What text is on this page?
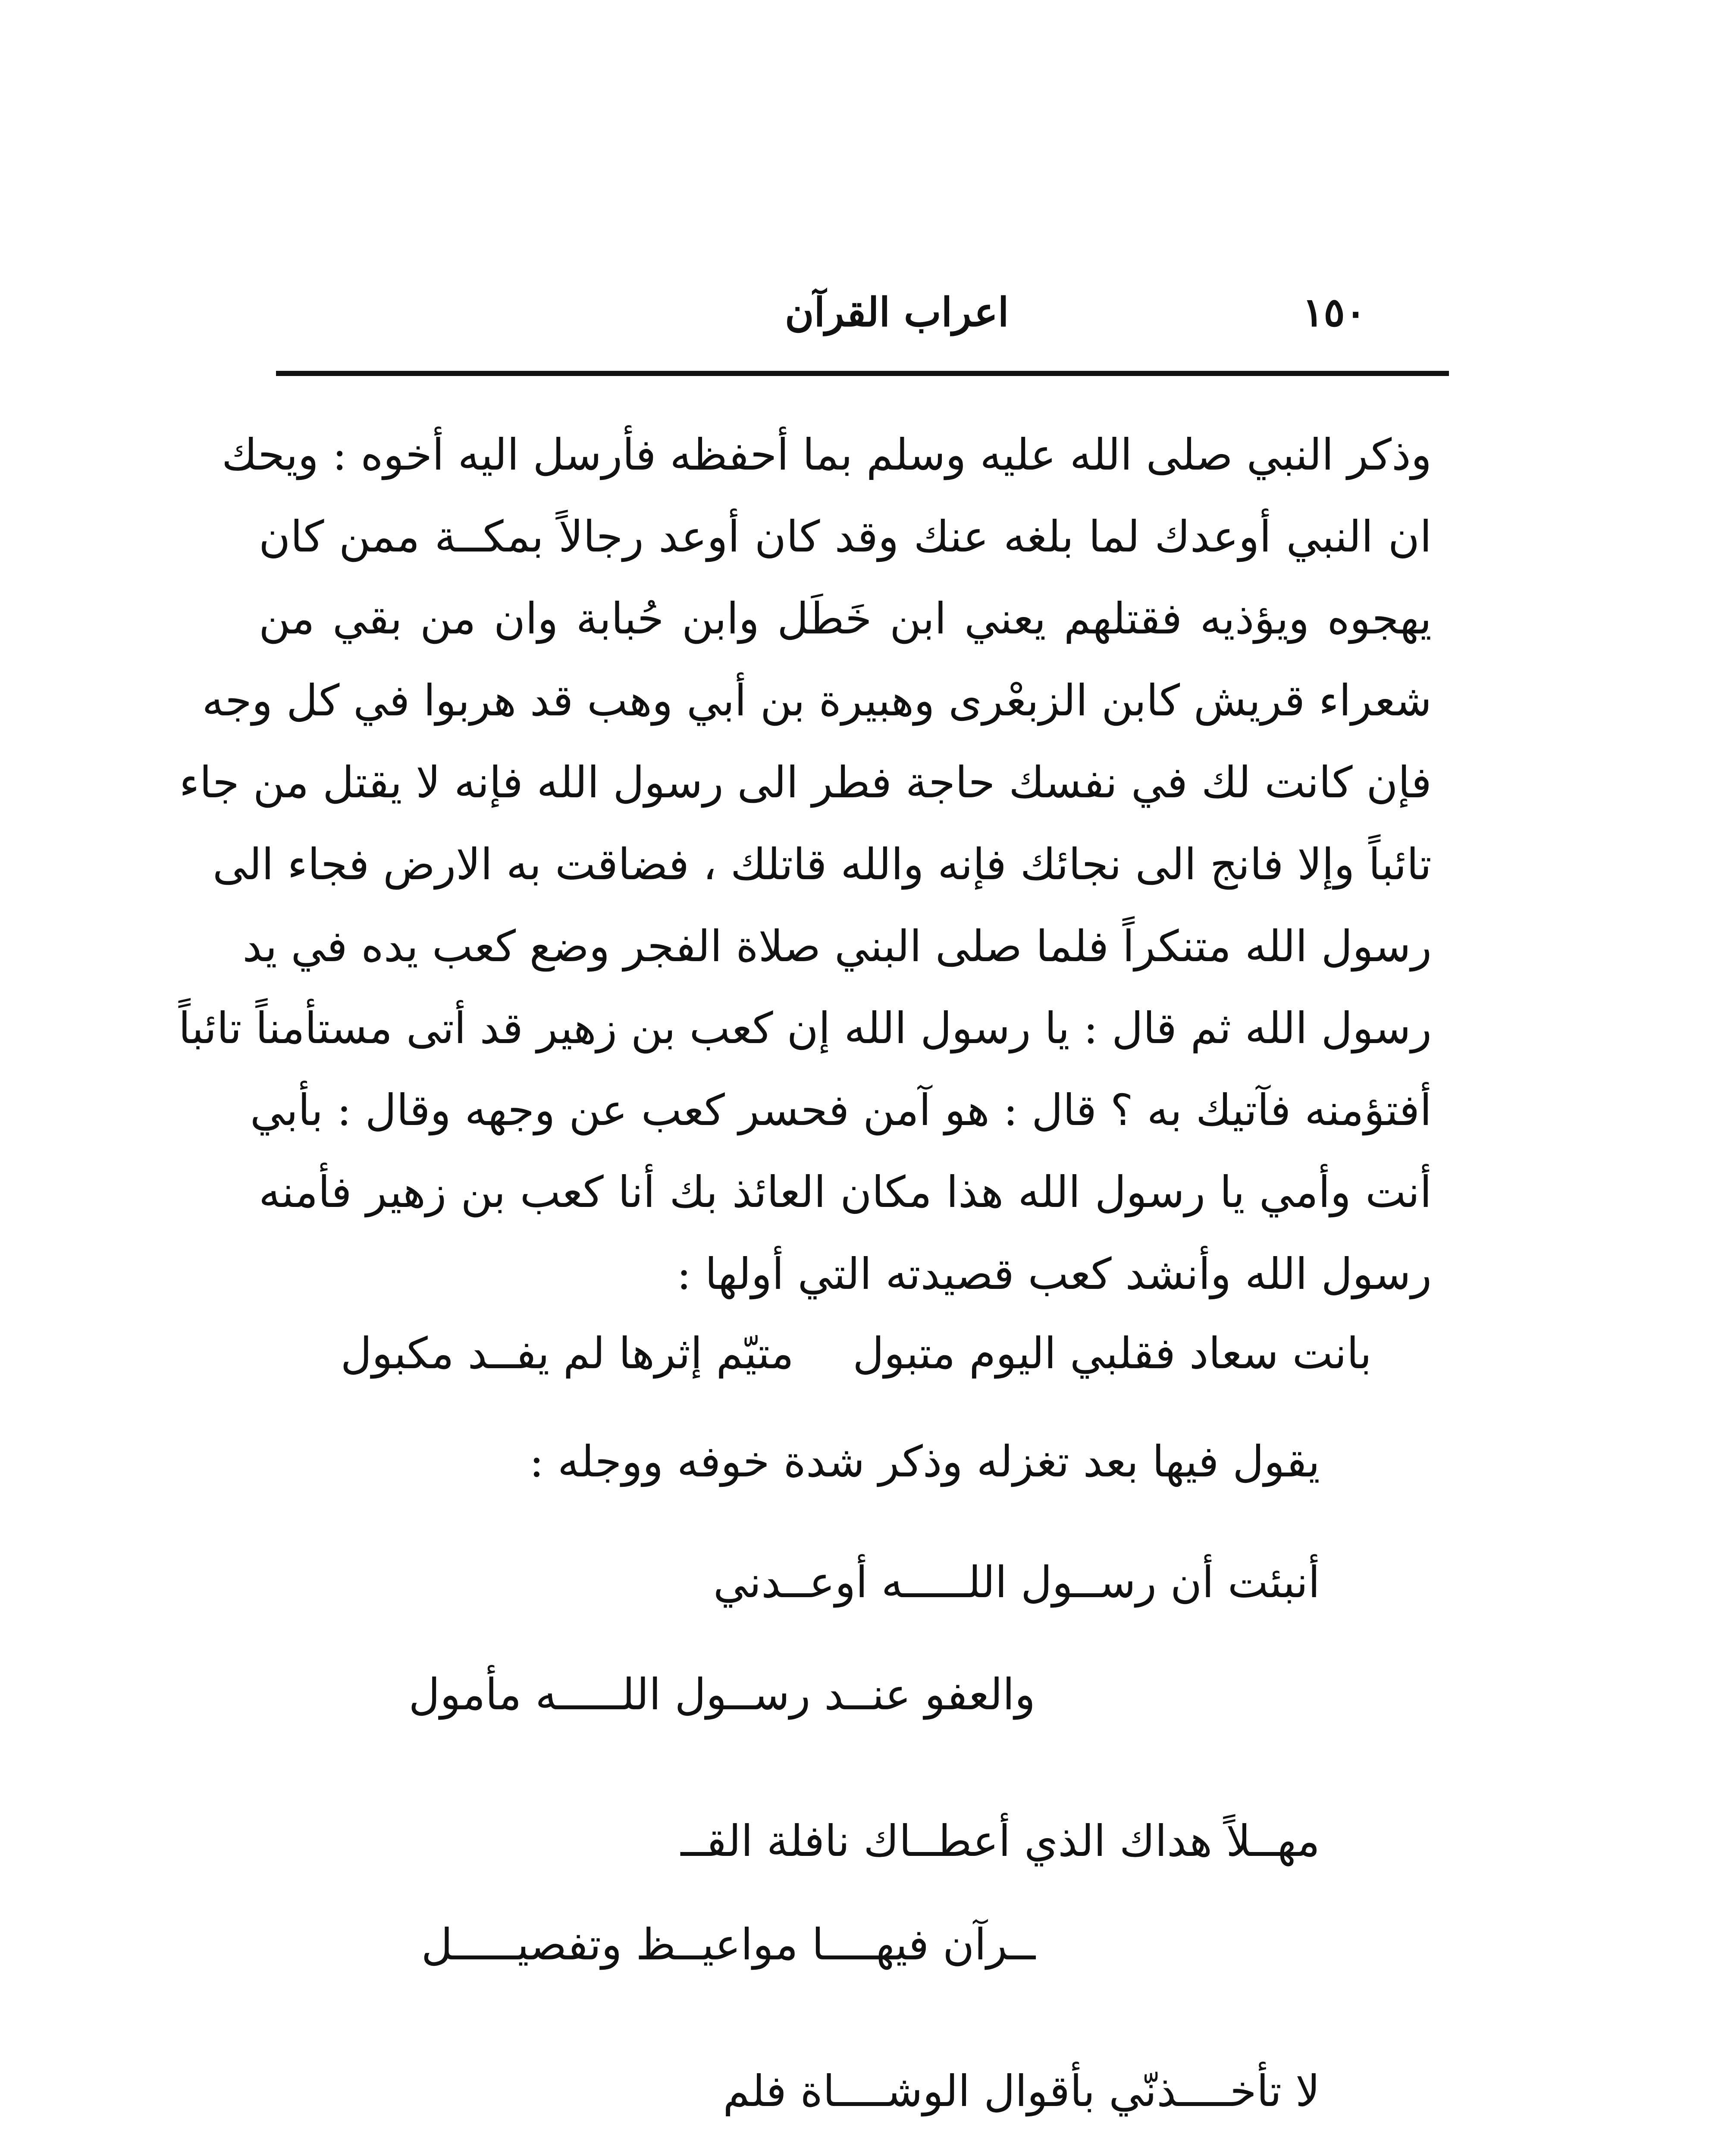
١٥٠
اعراب القرآن
وذكر النبي صلى الله عليه وسلم بما أحفظه فأرسل اليه أخوه : ويحك
ان النبي أوعدك لما بلغه عنك وقد كان أوعد رجالاً بمكــة ممن كان
يهجوه ويؤذيه فقتلهم يعني ابن خَطَل وابن حُبابة وان من بقي من
شعراء قريش كابن الزبعْرى وهبيرة بن أبي وهب قد هربوا في كل وجه
فإن كانت لك في نفسك حاجة فطر الى رسول الله فإنه لا يقتل من جاء
تائباً وإلا فانج الى نجائك فإنه والله قاتلك ، فضاقت به الارض فجاء الى
رسول الله متنكراً فلما صلى البني صلاة الفجر وضع كعب يده في يد
رسول الله ثم قال : يا رسول الله إن كعب بن زهير قد أتى مستأمناً تائباً
أفتؤمنه فآتيك به ؟ قال : هو آمن فحسر كعب عن وجهه وقال : بأبي
أنت وأمي يا رسول الله هذا مكان العائذ بك أنا كعب بن زهير فأمنه
رسول الله وأنشد كعب قصيدته التي أولها :
بانت سعاد فقلبي اليوم متبول
متيّم إثرها لم يفــد مكبول
يقول فيها بعد تغزله وذكر شدة خوفه ووجله :
أنبئت أن رســول اللـــــه أوعــدني
والعفو عنــد رســول اللـــــه مأمول
مهــلاً هداك الذي أعطــاك نافلة القــ
ــرآن فيهــــا مواعيــظ وتفصيـــــل
لا تأخــــذنّي بأقوال الوشــــاة فلم
